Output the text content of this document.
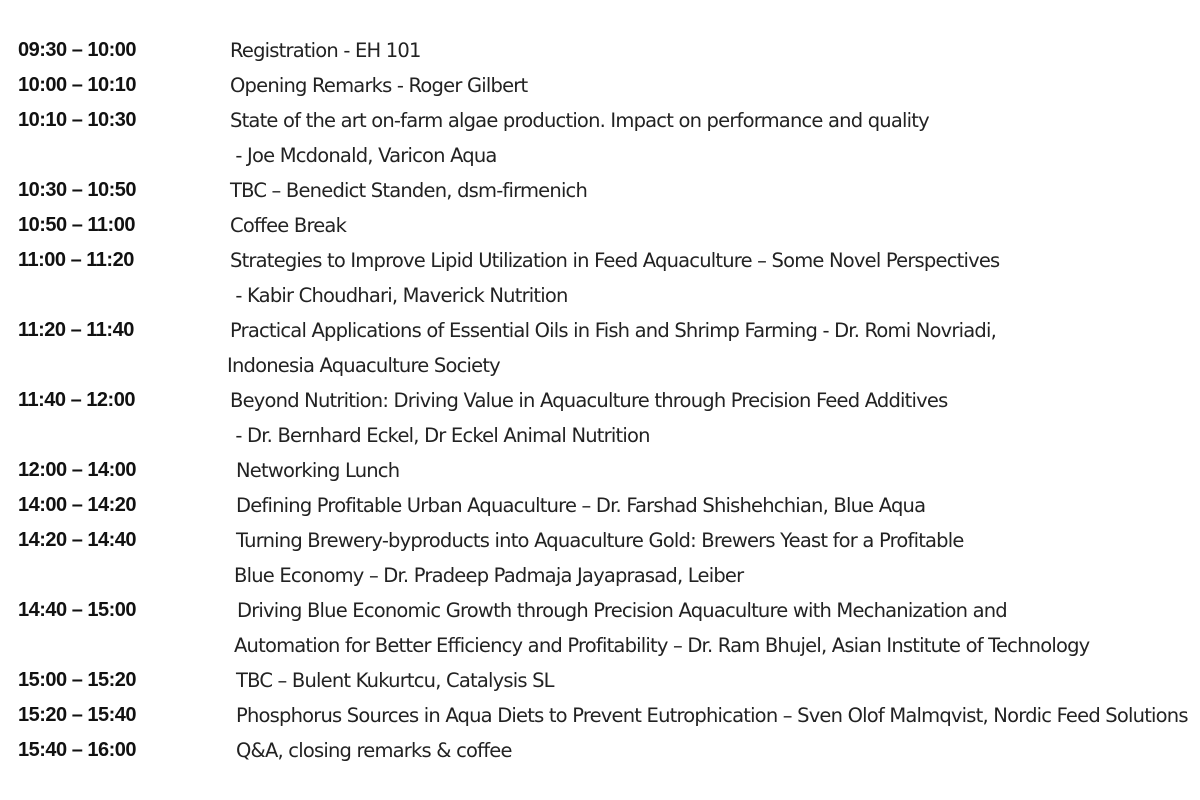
09:30 – 10:00	Registration - EH 101
10:00 – 10:10	Opening Remarks - Roger Gilbert
10:10 – 10:30	State of the art on-farm algae production. Impact on performance and quality
- Joe Mcdonald, Varicon Aqua
10:30 – 10:50	TBC – Benedict Standen, dsm-firmenich
10:50 – 11:00	Coffee Break
11:00 – 11:20	Strategies to Improve Lipid Utilization in Feed Aquaculture – Some Novel Perspectives
- Kabir Choudhari, Maverick Nutrition
11:20 – 11:40	Practical Applications of Essential Oils in Fish and Shrimp Farming - Dr. Romi Novriadi,
Indonesia Aquaculture Society
11:40 – 12:00	Beyond Nutrition: Driving Value in Aquaculture through Precision Feed Additives
- Dr. Bernhard Eckel, Dr Eckel Animal Nutrition
12:00 – 14:00	Networking Lunch
14:00 – 14:20	Defining Profitable Urban Aquaculture – Dr. Farshad Shishehchian, Blue Aqua
14:20 – 14:40	Turning Brewery-byproducts into Aquaculture Gold: Brewers Yeast for a Profitable
Blue Economy – Dr. Pradeep Padmaja Jayaprasad, Leiber
14:40 – 15:00	Driving Blue Economic Growth through Precision Aquaculture with Mechanization and
Automation for Better Efficiency and Profitability – Dr. Ram Bhujel, Asian Institute of Technology
15:00 – 15:20	TBC – Bulent Kukurtcu, Catalysis SL
15:20 – 15:40	Phosphorus Sources in Aqua Diets to Prevent Eutrophication – Sven Olof Malmqvist, Nordic Feed Solutions
15:40 – 16:00	Q&A, closing remarks & coffee
